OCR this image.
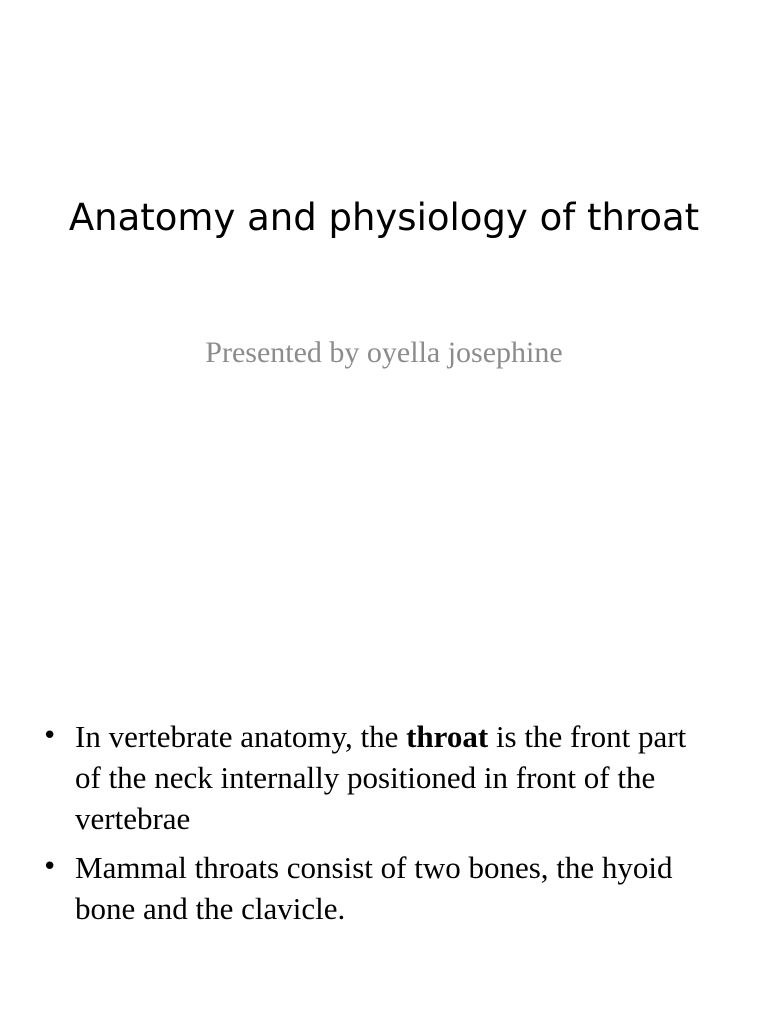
Anatomy and physiology of throat

Presented by oyella josephine

• In vertebrate anatomy, the throat is the front part of the neck internally positioned in front of the vertebrae
• Mammal throats consist of two bones, the hyoid bone and the clavicle.
